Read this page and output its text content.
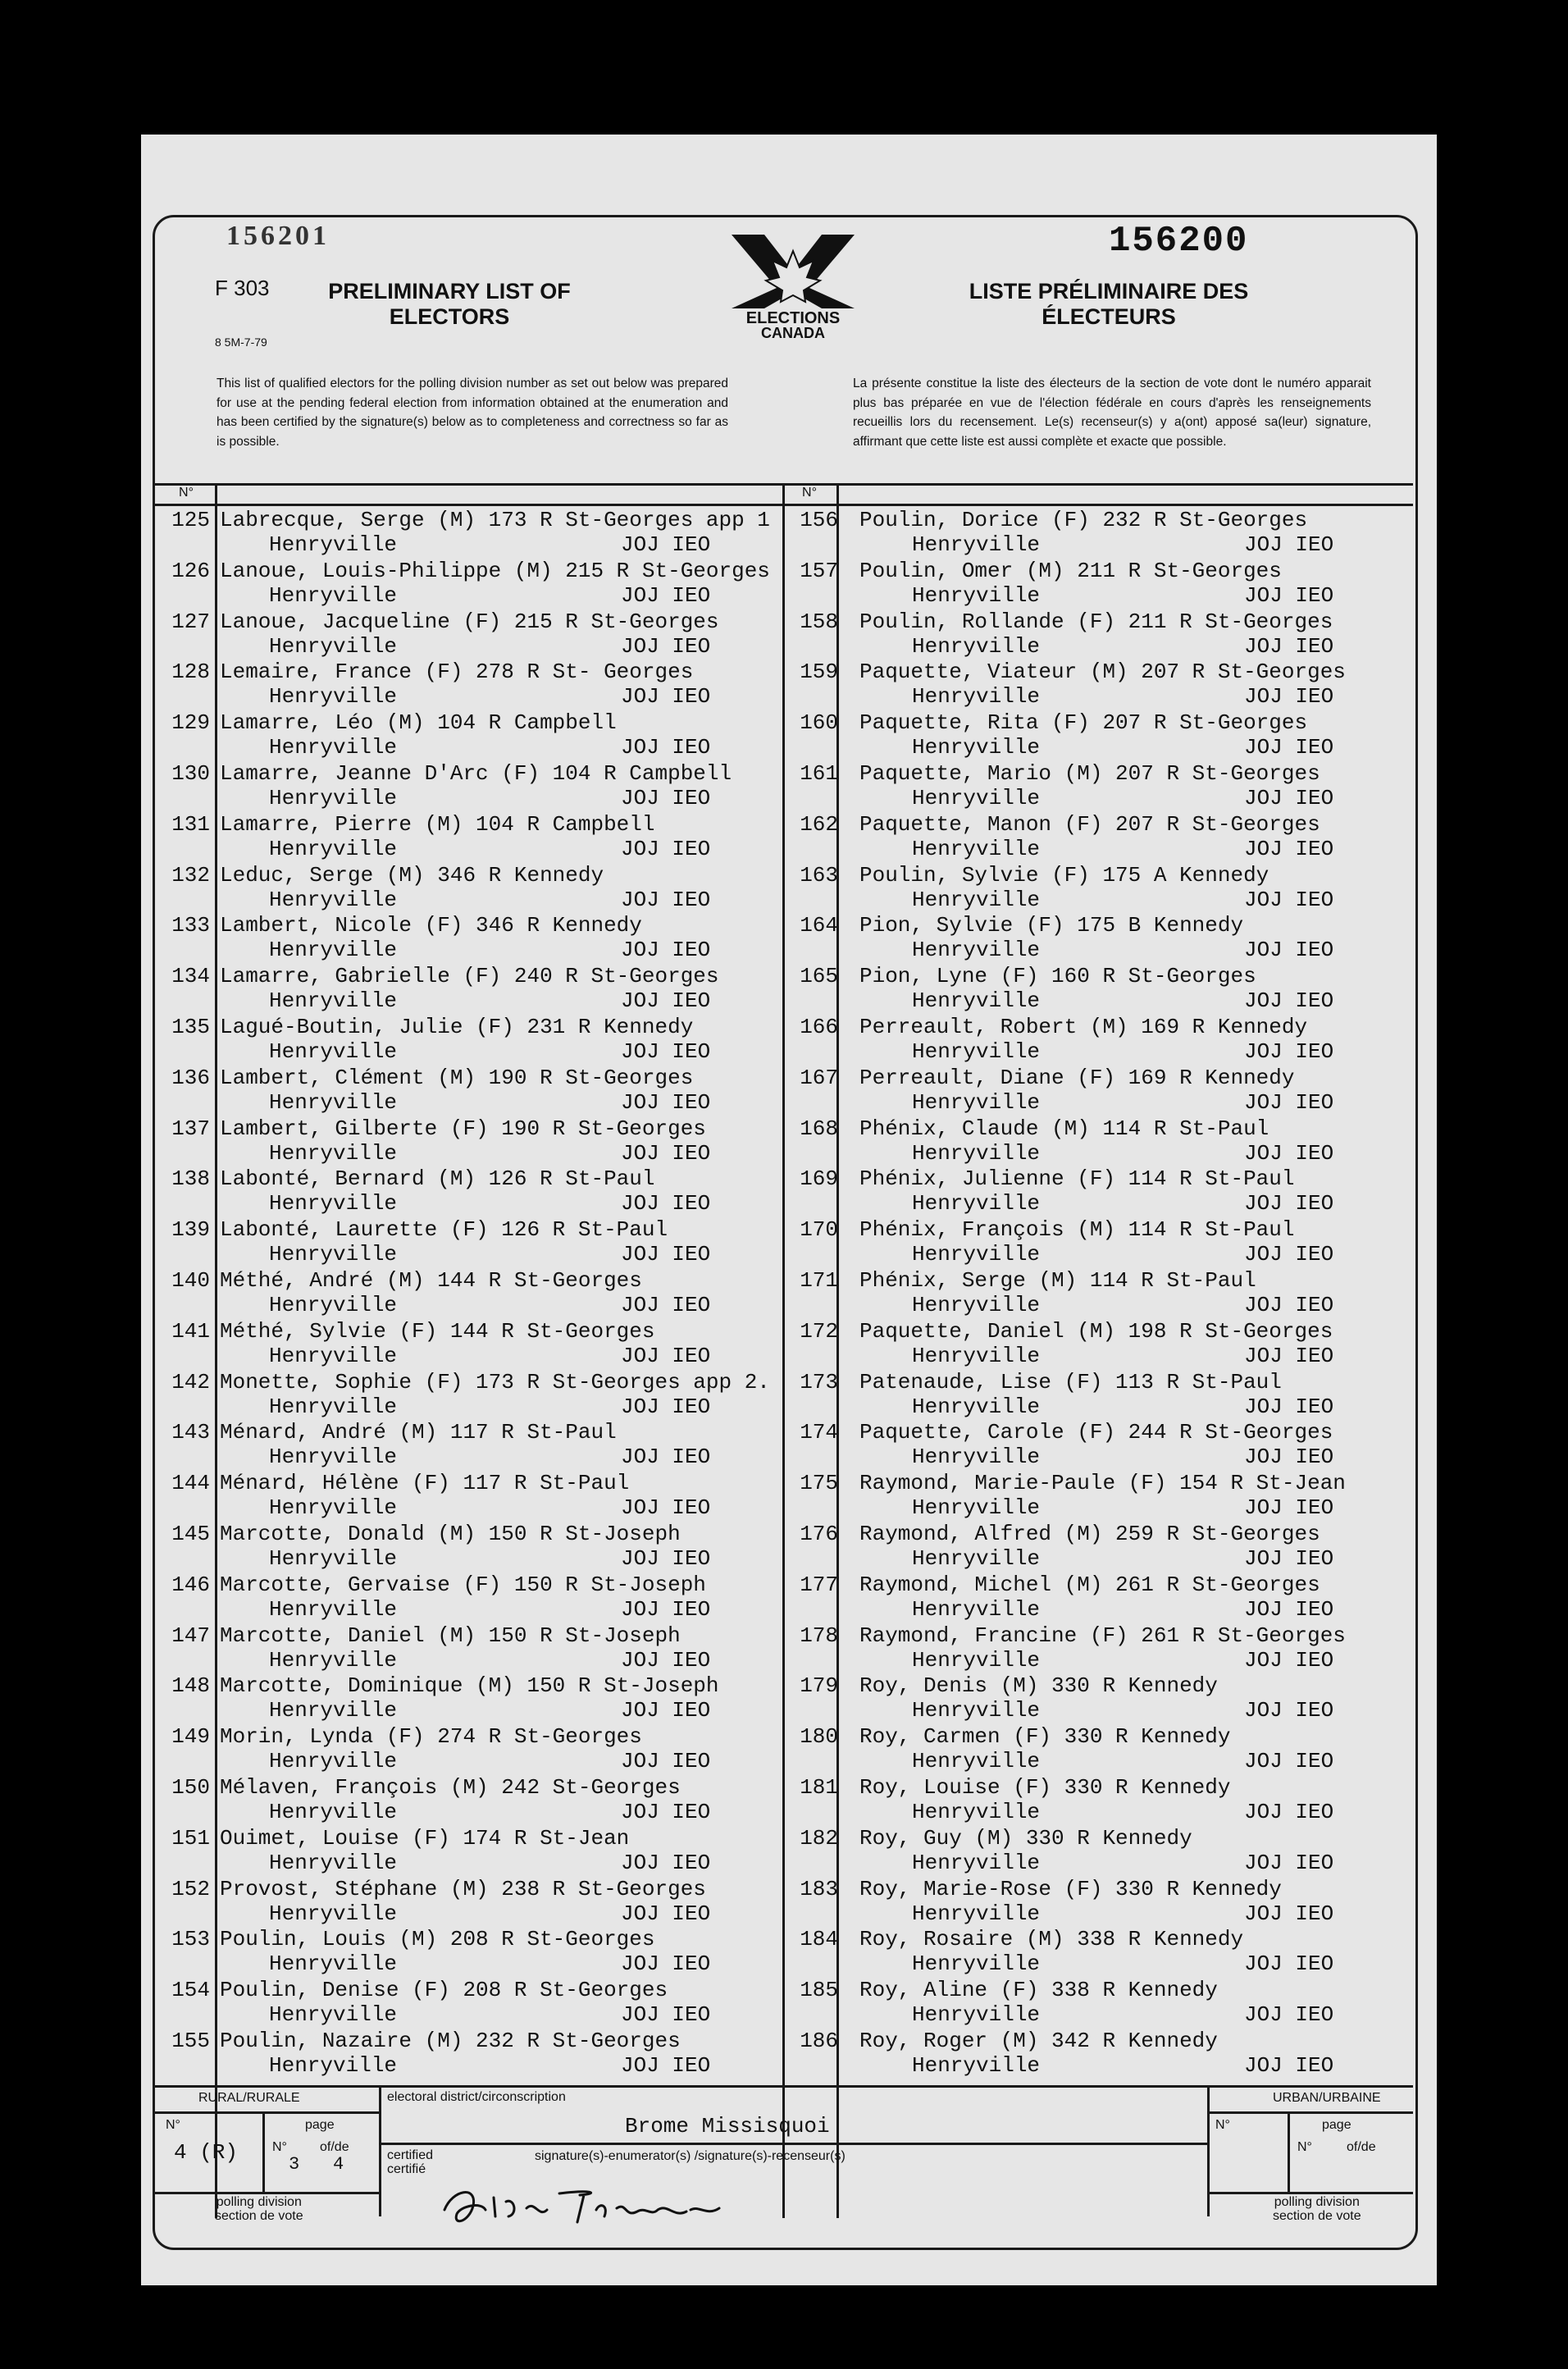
156201	156200
F 303
8 5M-7-79
PRELIMINARY LIST OF ELECTORS
LISTE PRÉLIMINAIRE DES ÉLECTEURS
ELECTIONS
CANADA
This list of qualified electors for the polling division number as set out below was prepared for use at the pending federal election from information obtained at the enumeration and has been certified by the signature(s) below as to completeness and correctness so far as is possible.
La présente constitue la liste des électeurs de la section de vote dont le numéro apparait plus bas préparée en vue de l'élection fédérale en cours d'après les renseignements recueillis lors du recensement. Le(s) recenseur(s) y a(ont) apposé sa(leur) signature, affirmant que cette liste est aussi complète et exacte que possible.
N°	N°
125 Labrecque, Serge (M) 173 R St-Georges app 1
Henryville	JOJ IEO
126 Lanoue, Louis-Philippe (M) 215 R St-Georges
Henryville	JOJ IEO
127 Lanoue, Jacqueline (F) 215 R St-Georges
Henryville	JOJ IEO
128 Lemaire, France (F) 278 R St- Georges
Henryville	JOJ IEO
129 Lamarre, Léo (M) 104 R Campbell
Henryville	JOJ IEO
130 Lamarre, Jeanne D'Arc (F) 104 R Campbell
Henryville	JOJ IEO
131 Lamarre, Pierre (M) 104 R Campbell
Henryville	JOJ IEO
132 Leduc, Serge (M) 346 R Kennedy
Henryville	JOJ IEO
133 Lambert, Nicole (F) 346 R Kennedy
Henryville	JOJ IEO
134 Lamarre, Gabrielle (F) 240 R St-Georges
Henryville	JOJ IEO
135 Lagué-Boutin, Julie (F) 231 R Kennedy
Henryville	JOJ IEO
136 Lambert, Clément (M) 190 R St-Georges
Henryville	JOJ IEO
137 Lambert, Gilberte (F) 190 R St-Georges
Henryville	JOJ IEO
138 Labonté, Bernard (M) 126 R St-Paul
Henryville	JOJ IEO
139 Labonté, Laurette (F) 126 R St-Paul
Henryville	JOJ IEO
140 Méthé, André (M) 144 R St-Georges
Henryville	JOJ IEO
141 Méthé, Sylvie (F) 144 R St-Georges
Henryville	JOJ IEO
142 Monette, Sophie (F) 173 R St-Georges app 2.
Henryville	JOJ IEO
143 Ménard, André (M) 117 R St-Paul
Henryville	JOJ IEO
144 Ménard, Hélène (F) 117 R St-Paul
Henryville	JOJ IEO
145 Marcotte, Donald (M) 150 R St-Joseph
Henryville	JOJ IEO
146 Marcotte, Gervaise (F) 150 R St-Joseph
Henryville	JOJ IEO
147 Marcotte, Daniel (M) 150 R St-Joseph
Henryville	JOJ IEO
148 Marcotte, Dominique (M) 150 R St-Joseph
Henryville	JOJ IEO
149 Morin, Lynda (F) 274 R St-Georges
Henryville	JOJ IEO
150 Mélaven, François (M) 242 St-Georges
Henryville	JOJ IEO
151 Ouimet, Louise (F) 174 R St-Jean
Henryville	JOJ IEO
152 Provost, Stéphane (M) 238 R St-Georges
Henryville	JOJ IEO
153 Poulin, Louis (M) 208 R St-Georges
Henryville	JOJ IEO
154 Poulin, Denise (F) 208 R St-Georges
Henryville	JOJ IEO
155 Poulin, Nazaire (M) 232 R St-Georges
Henryville	JOJ IEO
156 Poulin, Dorice (F) 232 R St-Georges
Henryville	JOJ IEO
157 Poulin, Omer (M) 211 R St-Georges
Henryville	JOJ IEO
158 Poulin, Rollande (F) 211 R St-Georges
Henryville	JOJ IEO
159 Paquette, Viateur (M) 207 R St-Georges
Henryville	JOJ IEO
160 Paquette, Rita (F) 207 R St-Georges
Henryville	JOJ IEO
161 Paquette, Mario (M) 207 R St-Georges
Henryville	JOJ IEO
162 Paquette, Manon (F) 207 R St-Georges
Henryville	JOJ IEO
163 Poulin, Sylvie (F) 175 A Kennedy
Henryville	JOJ IEO
164 Pion, Sylvie (F) 175 B Kennedy
Henryville	JOJ IEO
165 Pion, Lyne (F) 160 R St-Georges
Henryville	JOJ IEO
166 Perreault, Robert (M) 169 R Kennedy
Henryville	JOJ IEO
167 Perreault, Diane (F) 169 R Kennedy
Henryville	JOJ IEO
168 Phénix, Claude (M) 114 R St-Paul
Henryville	JOJ IEO
169 Phénix, Julienne (F) 114 R St-Paul
Henryville	JOJ IEO
170 Phénix, François (M) 114 R St-Paul
Henryville	JOJ IEO
171 Phénix, Serge (M) 114 R St-Paul
Henryville	JOJ IEO
172 Paquette, Daniel (M) 198 R St-Georges
Henryville	JOJ IEO
173 Patenaude, Lise (F) 113 R St-Paul
Henryville	JOJ IEO
174 Paquette, Carole (F) 244 R St-Georges
Henryville	JOJ IEO
175 Raymond, Marie-Paule (F) 154 R St-Jean
Henryville	JOJ IEO
176 Raymond, Alfred (M) 259 R St-Georges
Henryville	JOJ IEO
177 Raymond, Michel (M) 261 R St-Georges
Henryville	JOJ IEO
178 Raymond, Francine (F) 261 R St-Georges
Henryville	JOJ IEO
179 Roy, Denis (M) 330 R Kennedy
Henryville	JOJ IEO
180 Roy, Carmen (F) 330 R Kennedy
Henryville	JOJ IEO
181 Roy, Louise (F) 330 R Kennedy
Henryville	JOJ IEO
182 Roy, Guy (M) 330 R Kennedy
Henryville	JOJ IEO
183 Roy, Marie-Rose (F) 330 R Kennedy
Henryville	JOJ IEO
184 Roy, Rosaire (M) 338 R Kennedy
Henryville	JOJ IEO
185 Roy, Aline (F) 338 R Kennedy
Henryville	JOJ IEO
186 Roy, Roger (M) 342 R Kennedy
Henryville	JOJ IEO
RURAL/RURALE
N°	page
4 (R)	N°
3
of/de
4
polling division
section de vote
electoral district/circonscription
Brome Missisquoi
certified
certifié
signature(s)-enumerator(s) /signature(s)-recenseur(s)
URBAN/URBAINE
N°	page
N°	of/de
polling division
section de vote
